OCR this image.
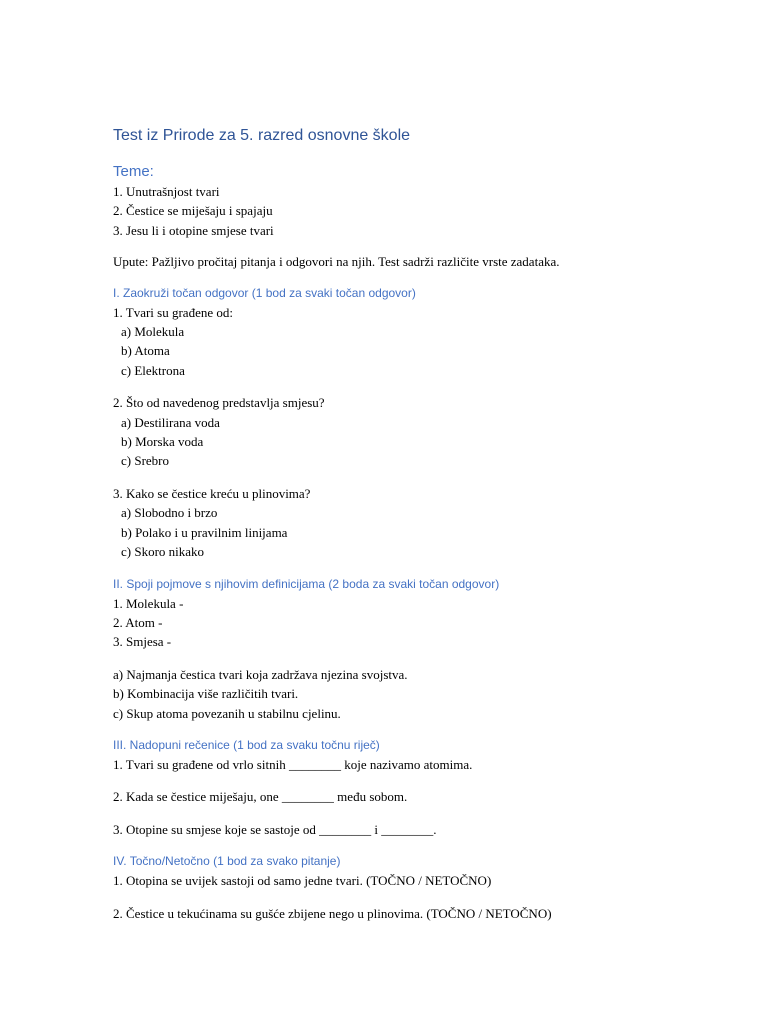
Test iz Prirode za 5. razred osnovne škole
Teme:
1. Unutrašnjost tvari
2. Čestice se miješaju i spajaju
3. Jesu li i otopine smjese tvari
Upute: Pažljivo pročitaj pitanja i odgovori na njih. Test sadrži različite vrste zadataka.
I. Zaokruži točan odgovor (1 bod za svaki točan odgovor)
1. Tvari su građene od:
a) Molekula
b) Atoma
c) Elektrona
2. Što od navedenog predstavlja smjesu?
a) Destilirana voda
b) Morska voda
c) Srebro
3. Kako se čestice kreću u plinovima?
a) Slobodno i brzo
b) Polako i u pravilnim linijama
c) Skoro nikako
II. Spoji pojmove s njihovim definicijama (2 boda za svaki točan odgovor)
1. Molekula -
2. Atom -
3. Smjesa -
a) Najmanja čestica tvari koja zadržava njezina svojstva.
b) Kombinacija više različitih tvari.
c) Skup atoma povezanih u stabilnu cjelinu.
III. Nadopuni rečenice (1 bod za svaku točnu riječ)
1. Tvari su građene od vrlo sitnih ________ koje nazivamo atomima.
2. Kada se čestice miješaju, one ________ među sobom.
3. Otopine su smjese koje se sastoje od ________ i ________.
IV. Točno/Netočno (1 bod za svako pitanje)
1. Otopina se uvijek sastoji od samo jedne tvari. (TOČNO / NETOČNO)
2. Čestice u tekućinama su gušće zbijene nego u plinovima. (TOČNO / NETOČNO)
